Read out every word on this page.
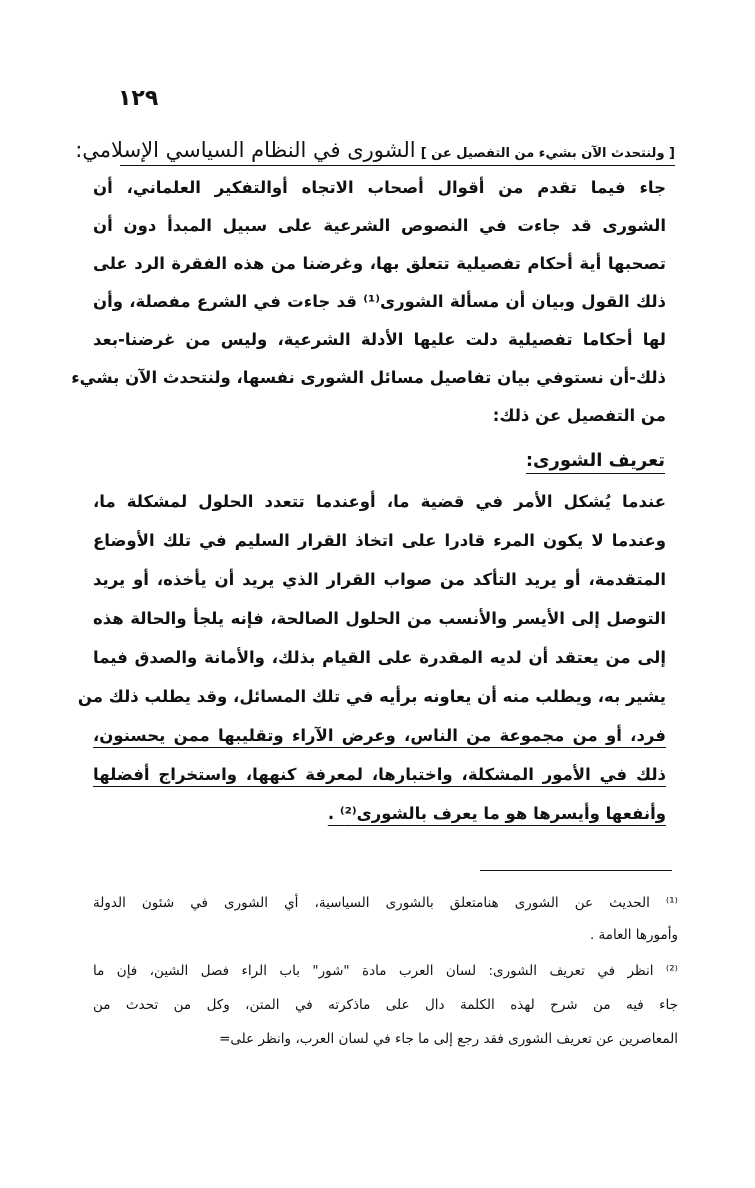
١٢٩
[ ولنتحدث الآن بشيء من التفصيل عن ] الشورى في النظام السياسي الإسلامي:
جاء فيما تقدم من أقوال أصحاب الاتجاه أوالتفكير العلماني، أن
الشورى قد جاءت في النصوص الشرعية على سبيل المبدأ دون أن
تصحبها أية أحكام تفصيلية تتعلق بها، وغرضنا من هذه الفقرة الرد على
ذلك القول وبيان أن مسألة الشورى⁽¹⁾ قد جاءت في الشرع مفصلة، وأن
لها أحكاما تفصيلية دلت عليها الأدلة الشرعية، وليس من غرضنا-بعد
ذلك-أن نستوفي بيان تفاصيل مسائل الشورى نفسها، ولنتحدث الآن بشيء
من التفصيل عن ذلك:
تعريف الشورى:
عندما يُشكل الأمر في قضية ما، أوعندما تتعدد الحلول لمشكلة ما،
وعندما لا يكون المرء قادرا على اتخاذ القرار السليم في تلك الأوضاع
المتقدمة، أو يريد التأكد من صواب القرار الذي يريد أن يأخذه، أو يريد
التوصل إلى الأيسر والأنسب من الحلول الصالحة، فإنه يلجأ والحالة هذه
إلى من يعتقد أن لديه المقدرة على القيام بذلك، والأمانة والصدق فيما
يشير به، ويطلب منه أن يعاونه برأيه في تلك المسائل، وقد يطلب ذلك من
فرد، أو من مجموعة من الناس، وعرض الآراء وتقليبها ممن يحسنون،
ذلك في الأمور المشكلة، واختبارها، لمعرفة كنهها، واستخراج أفضلها
وأنفعها وأيسرها هو ما يعرف بالشورى⁽²⁾ .
⁽¹⁾ الحديث عن الشورى هنامتعلق بالشورى السياسية، أي الشورى في شئون الدولة
وأمورها العامة .
⁽²⁾ انظر في تعريف الشورى: لسان العرب مادة "شور" باب الراء فصل الشين، فإن ما
جاء فيه من شرح لهذه الكلمة دال على ماذكرته في المتن، وكل من تحدث من
المعاصرين عن تعريف الشورى فقد رجع إلى ما جاء في لسان العرب، وانظر على=
